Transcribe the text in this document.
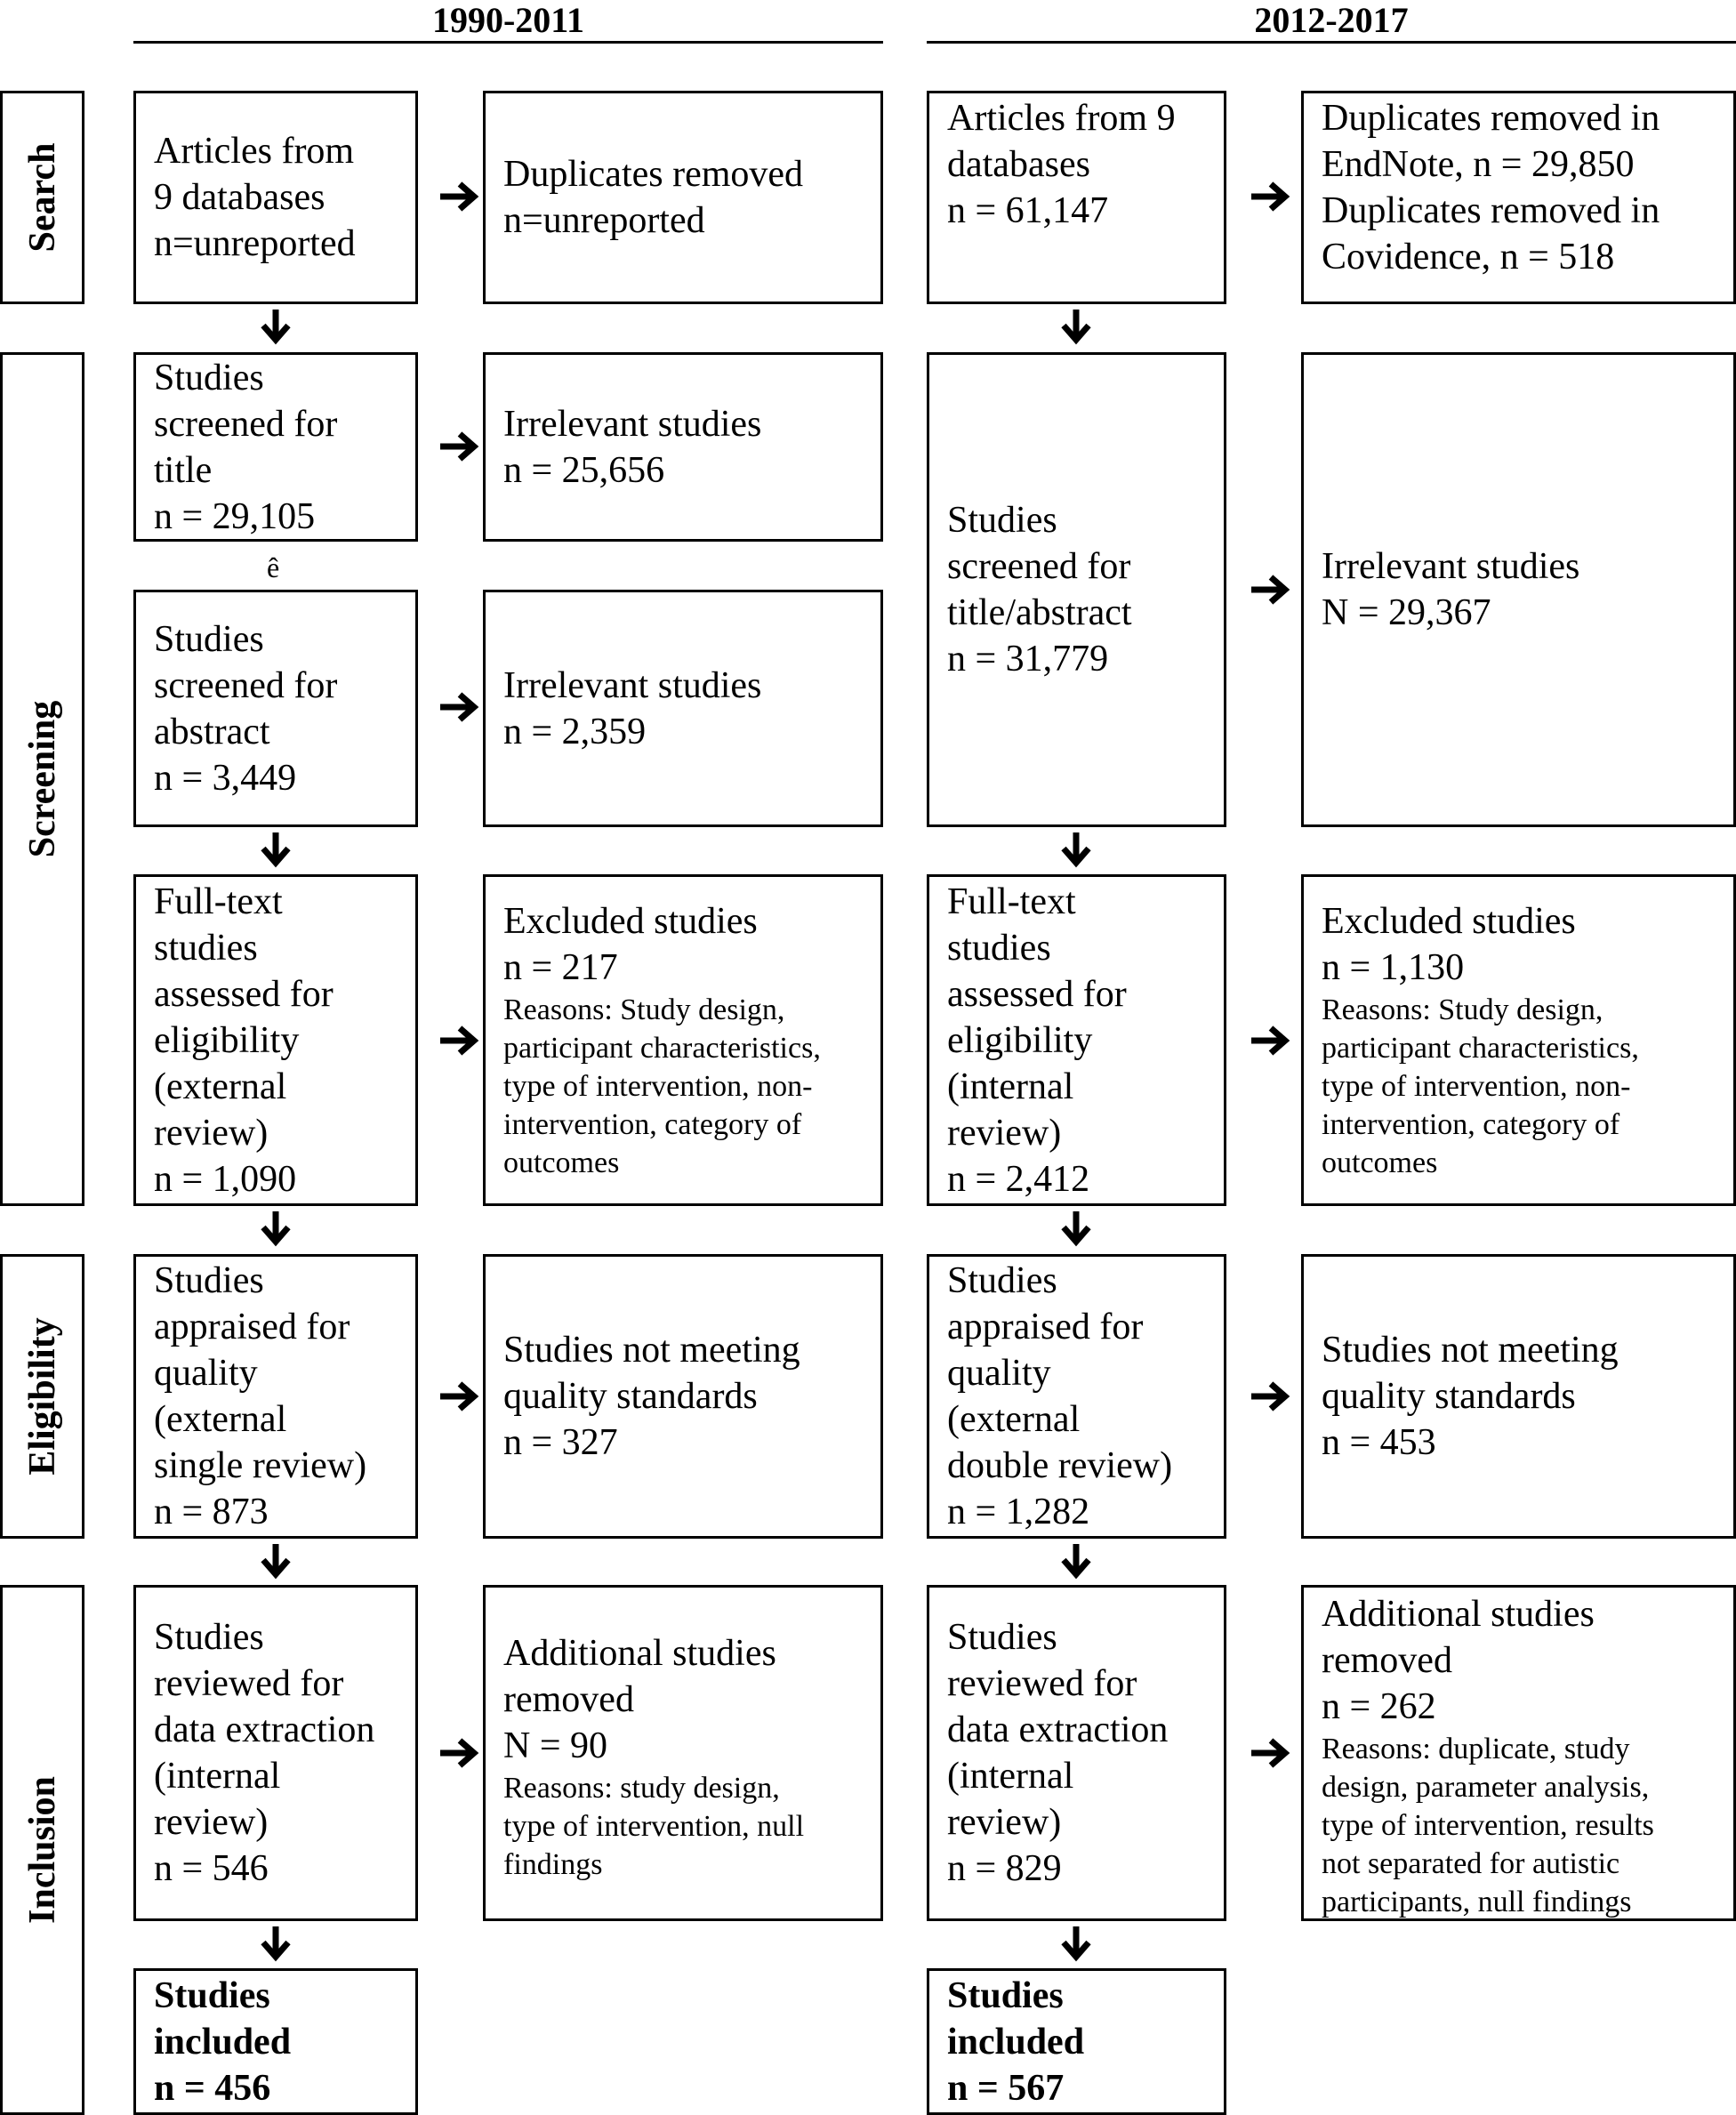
1990-2011	2012-2017
Search
Screening
Eligibility
Inclusion
Articles from
9 databases
n=unreported
Duplicates removed
n=unreported
Studies
screened for
title
n = 29,105
Irrelevant studies
n = 25,656
ê
Studies
screened for
abstract
n = 3,449
Irrelevant studies
n = 2,359
Full-text
studies
assessed for
eligibility
(external
review)
n = 1,090
Excluded studies
n = 217
Reasons: Study design,
participant characteristics,
type of intervention, non-
intervention, category of
outcomes
Studies
appraised for
quality
(external
single review)
n = 873
Studies not meeting
quality standards
n = 327
Studies
reviewed for
data extraction
(internal
review)
n = 546
Additional studies
removed
N = 90
Reasons: study design,
type of intervention, null
findings
Studies
included
n = 456
Articles from 9
databases
n = 61,147
Duplicates removed in
EndNote, n = 29,850
Duplicates removed in
Covidence, n = 518
Studies
screened for
title/abstract
n = 31,779
Irrelevant studies
N = 29,367
Full-text
studies
assessed for
eligibility
(internal
review)
n = 2,412
Excluded studies
n = 1,130
Reasons: Study design,
participant characteristics,
type of intervention, non-
intervention, category of
outcomes
Studies
appraised for
quality
(external
double review)
n = 1,282
Studies not meeting
quality standards
n = 453
Studies
reviewed for
data extraction
(internal
review)
n = 829
Additional studies
removed
n = 262
Reasons: duplicate, study
design, parameter analysis,
type of intervention, results
not separated for autistic
participants, null findings
Studies
included
n = 567
